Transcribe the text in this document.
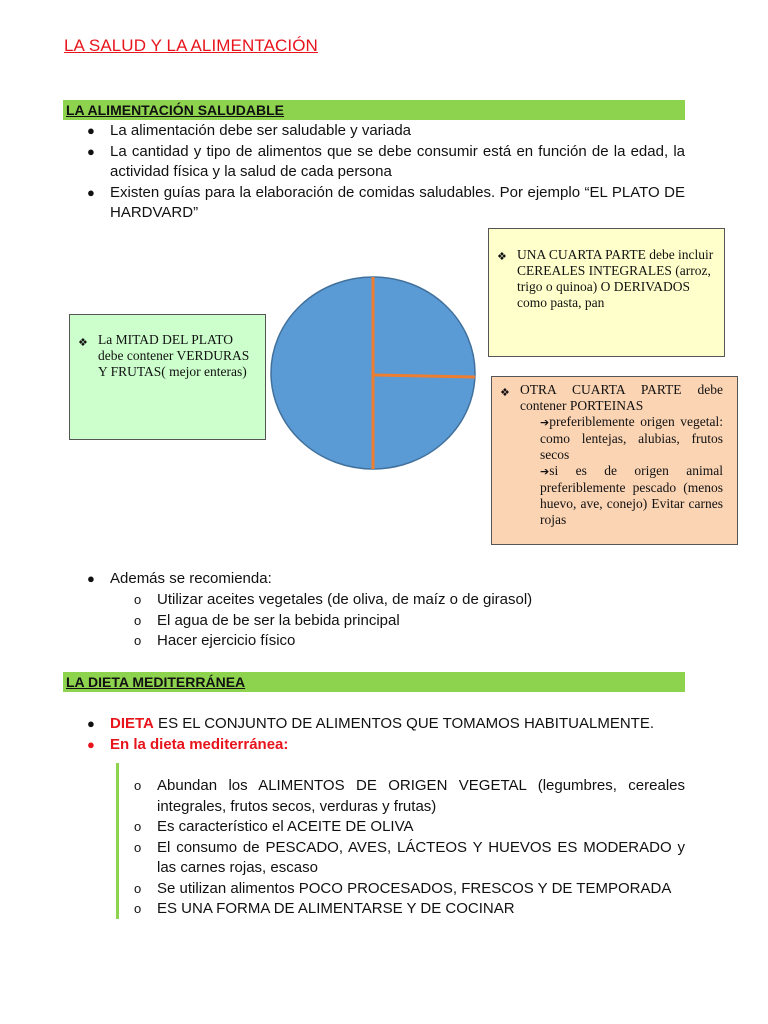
LA SALUD Y LA ALIMENTACIÓN
LA ALIMENTACIÓN SALUDABLE
● La alimentación debe ser saludable y variada
● La cantidad y tipo de alimentos que se debe consumir está en función de la edad, la actividad física y la salud de cada persona
● Existen guías para la elaboración de comidas saludables. Por ejemplo “EL PLATO DE HARDVARD”
❖ La MITAD DEL PLATO debe contener VERDURAS Y FRUTAS( mejor enteras)
❖ UNA CUARTA PARTE debe incluir CEREALES INTEGRALES (arroz, trigo o quinoa) O DERIVADOS como pasta, pan
❖ OTRA CUARTA PARTE debe contener PORTEINAS
➔preferiblemente origen vegetal: como lentejas, alubias, frutos secos
➔si es de origen animal preferiblemente pescado (menos huevo, ave, conejo) Evitar carnes rojas
● Además se recomienda:
o Utilizar aceites vegetales (de oliva, de maíz o de girasol)
o El agua de be ser la bebida principal
o Hacer ejercicio físico
LA DIETA MEDITERRÁNEA
● DIETA ES EL CONJUNTO DE ALIMENTOS QUE TOMAMOS HABITUALMENTE.
● En la dieta mediterránea:
o Abundan los ALIMENTOS DE ORIGEN VEGETAL (legumbres, cereales integrales, frutos secos, verduras y frutas)
o Es característico el ACEITE DE OLIVA
o El consumo de PESCADO, AVES, LÁCTEOS Y HUEVOS ES MODERADO y las carnes rojas, escaso
o Se utilizan alimentos POCO PROCESADOS, FRESCOS Y DE TEMPORADA
o ES UNA FORMA DE ALIMENTARSE Y DE COCINAR
